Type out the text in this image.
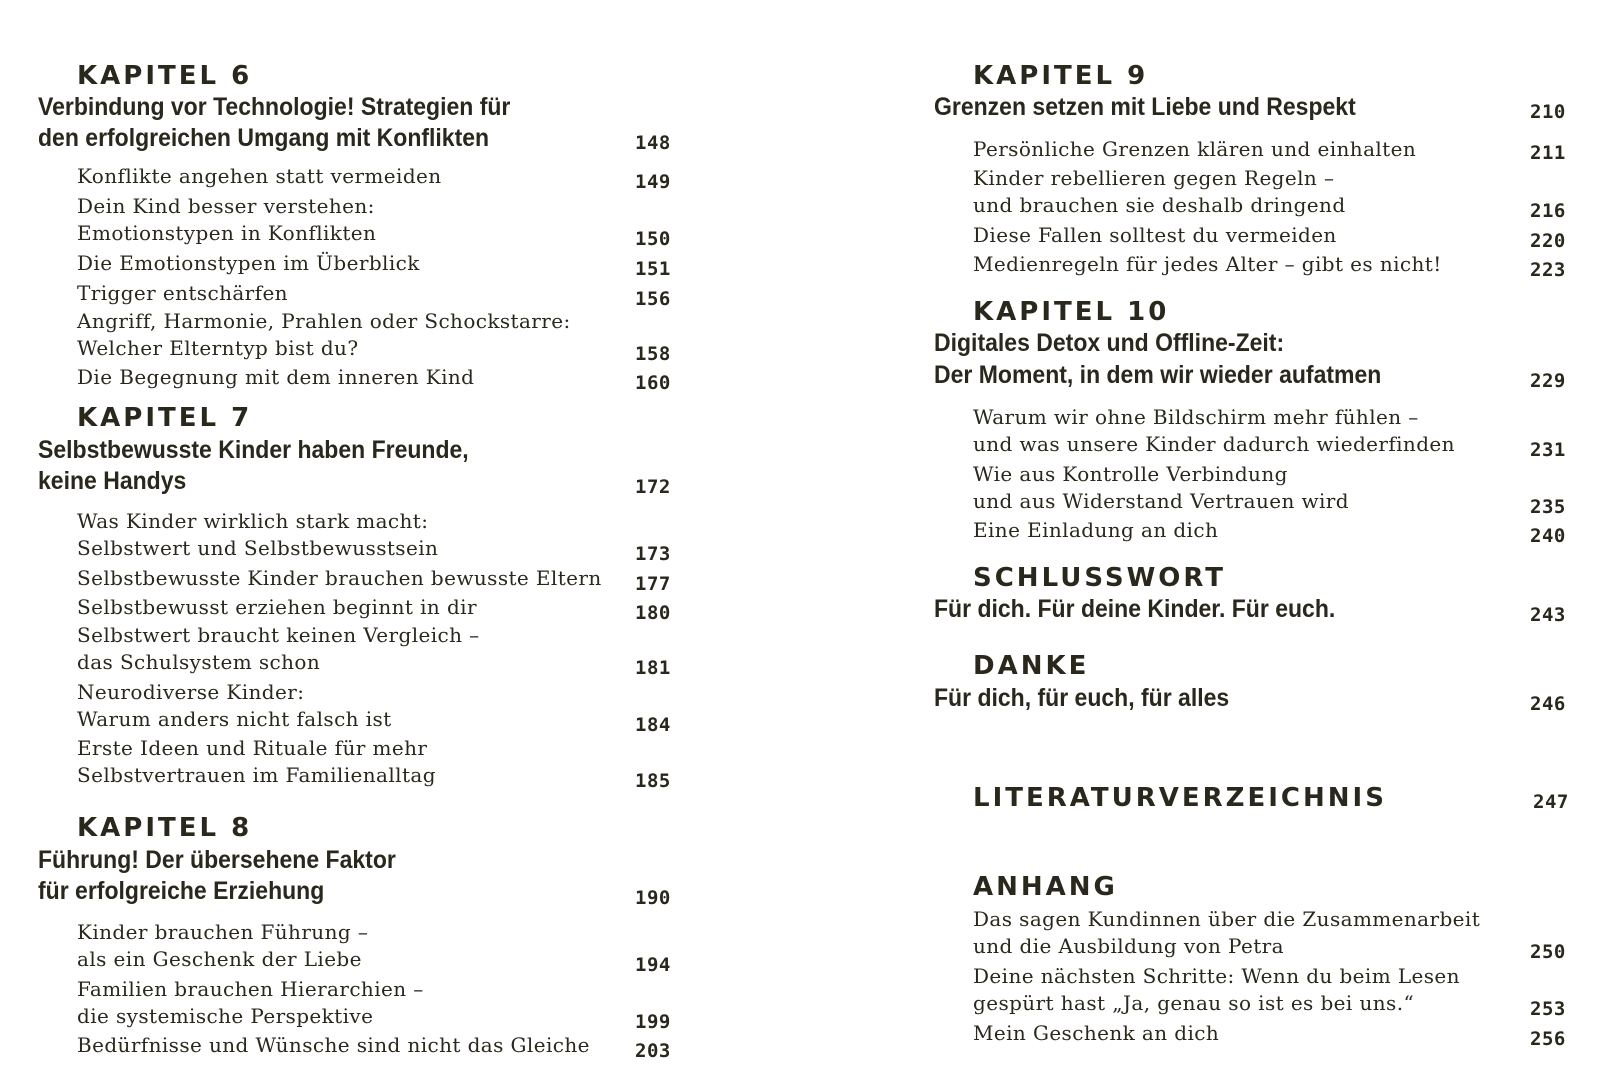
KAPITEL 6
Verbindung vor Technologie! Strategien für
den erfolgreichen Umgang mit Konflikten	148
Konflikte angehen statt vermeiden	149
Dein Kind besser verstehen:
Emotionstypen in Konflikten	150
Die Emotionstypen im Überblick	151
Trigger entschärfen	156
Angriff, Harmonie, Prahlen oder Schockstarre:
Welcher Elterntyp bist du?	158
Die Begegnung mit dem inneren Kind	160
KAPITEL 7
Selbstbewusste Kinder haben Freunde,
keine Handys	172
Was Kinder wirklich stark macht:
Selbstwert und Selbstbewusstsein	173
Selbstbewusste Kinder brauchen bewusste Eltern 177
Selbstbewusst erziehen beginnt in dir	180
Selbstwert braucht keinen Vergleich –
das Schulsystem schon	181
Neurodiverse Kinder:
Warum anders nicht falsch ist	184
Erste Ideen und Rituale für mehr
Selbstvertrauen im Familienalltag	185
KAPITEL 8
Führung! Der übersehene Faktor
für erfolgreiche Erziehung	190
Kinder brauchen Führung –
als ein Geschenk der Liebe	194
Familien brauchen Hierarchien –
die systemische Perspektive	199
Bedürfnisse und Wünsche sind nicht das Gleiche 203
KAPITEL 9
Grenzen setzen mit Liebe und Respekt	210
Persönliche Grenzen klären und einhalten	211
Kinder rebellieren gegen Regeln –
und brauchen sie deshalb dringend	216
Diese Fallen solltest du vermeiden	220
Medienregeln für jedes Alter – gibt es nicht!	223
KAPITEL 10
Digitales Detox und Offline-Zeit:
Der Moment, in dem wir wieder aufatmen	229
Warum wir ohne Bildschirm mehr fühlen –
und was unsere Kinder dadurch wiederfinden	231
Wie aus Kontrolle Verbindung
und aus Widerstand Vertrauen wird	235
Eine Einladung an dich	240
SCHLUSSWORT
Für dich. Für deine Kinder. Für euch.	243
DANKE
Für dich, für euch, für alles	246
LITERATURVERZEICHNIS	247
ANHANG
Das sagen Kundinnen über die Zusammenarbeit
und die Ausbildung von Petra	250
Deine nächsten Schritte: Wenn du beim Lesen
gespürt hast „Ja, genau so ist es bei uns.“	253
Mein Geschenk an dich	256
